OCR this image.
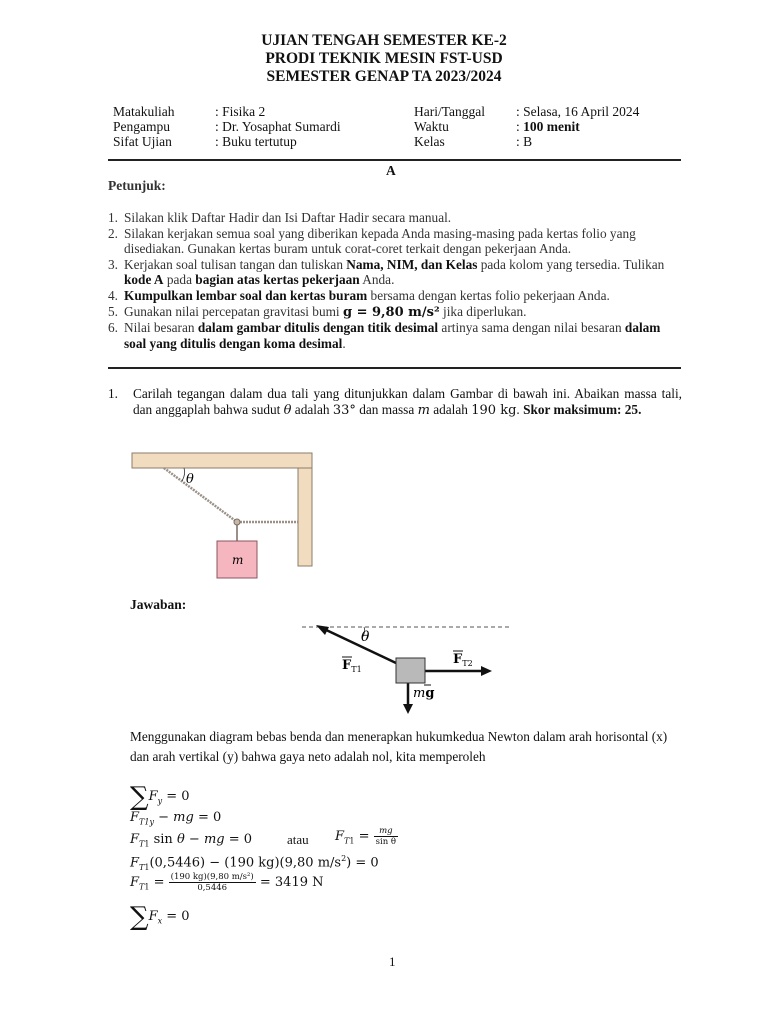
UJIAN TENGAH SEMESTER KE-2
PRODI TEKNIK MESIN FST-USD
SEMESTER GENAP TA 2023/2024
Matakuliah	: Fisika 2
Pengampu	: Dr. Yosaphat Sumardi
Sifat Ujian	: Buku tertutup
Hari/Tanggal : Selasa, 16 April 2024
Waktu	: 100 menit
Kelas	: B
A
Petunjuk:
1. Silakan klik Daftar Hadir dan Isi Daftar Hadir secara manual.
2. Silakan kerjakan semua soal yang diberikan kepada Anda masing-masing pada kertas folio yang disediakan. Gunakan kertas buram untuk corat-coret terkait dengan pekerjaan Anda.
3. Kerjakan soal tulisan tangan dan tuliskan Nama, NIM, dan Kelas pada kolom yang tersedia. Tulikan kode A pada bagian atas kertas pekerjaan Anda.
4. Kumpulkan lembar soal dan kertas buram bersama dengan kertas folio pekerjaan Anda.
5. Gunakan nilai percepatan gravitasi bumi g = 9,80 m/s² jika diperlukan.
6. Nilai besaran dalam gambar ditulis dengan titik desimal artinya sama dengan nilai besaran dalam soal yang ditulis dengan koma desimal.
1. Carilah tegangan dalam dua tali yang ditunjukkan dalam Gambar di bawah ini. Abaikan massa tali, dan anggaplah bahwa sudut θ adalah 33° dan massa m adalah 190 kg. Skor maksimum: 25.
θ
m
Jawaban:
θ
$F_{T1}$
$F_{T2}$
mg
Menggunakan diagram bebas benda dan menerapkan hukumkedua Newton dalam arah horisontal (x) dan arah vertikal (y) bahwa gaya neto adalah nol, kita memperoleh
$\sum F_y = 0$
$F_{T1y}$ − mg = 0
$F_{T1}$ sin θ − mg = 0	atau $F_{T1} = \frac{mg}{\text{sin θ}}$
$F_{T1}(0,5446) - (190$ kg)(9,80 $m/s^2) = 0$
$F_{T1} = \frac{\text{(190 kg)(9,80 m/s²)}}{0,5446} = 3419$ N
$\sum F_x = 0$
1
